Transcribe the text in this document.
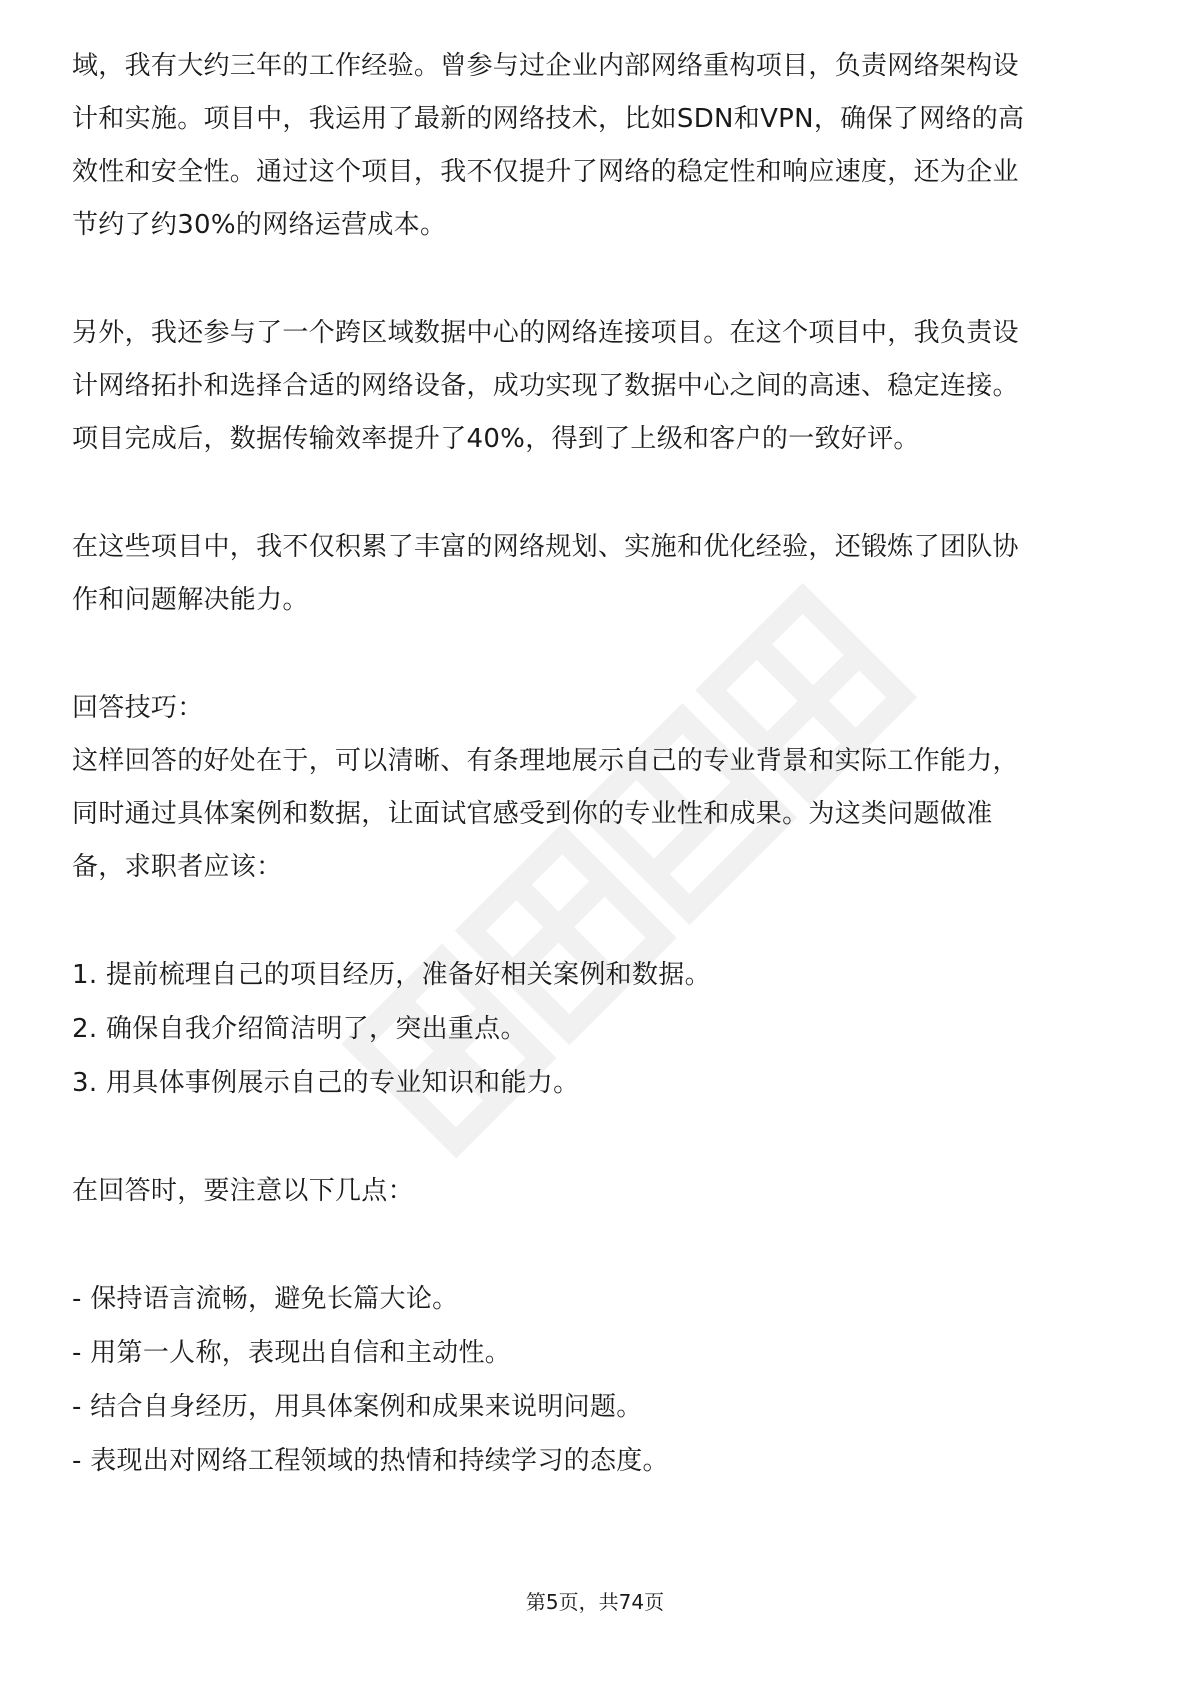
域，我有大约三年的工作经验。曾参与过企业内部网络重构项目，负责网络架构设
计和实施。项目中，我运用了最新的网络技术，比如SDN和VPN，确保了网络的高
效性和安全性。通过这个项目，我不仅提升了网络的稳定性和响应速度，还为企业
节约了约30%的网络运营成本。
另外，我还参与了一个跨区域数据中心的网络连接项目。在这个项目中，我负责设
计网络拓扑和选择合适的网络设备，成功实现了数据中心之间的高速、稳定连接。
项目完成后，数据传输效率提升了40%，得到了上级和客户的一致好评。
在这些项目中，我不仅积累了丰富的网络规划、实施和优化经验，还锻炼了团队协
作和问题解决能力。
回答技巧：
这样回答的好处在于，可以清晰、有条理地展示自己的专业背景和实际工作能力，
同时通过具体案例和数据，让面试官感受到你的专业性和成果。为这类问题做准
备，求职者应该：
1. 提前梳理自己的项目经历，准备好相关案例和数据。
2. 确保自我介绍简洁明了，突出重点。
3. 用具体事例展示自己的专业知识和能力。
在回答时，要注意以下几点：
- 保持语言流畅，避免长篇大论。
- 用第一人称，表现出自信和主动性。
- 结合自身经历，用具体案例和成果来说明问题。
- 表现出对网络工程领域的热情和持续学习的态度。
第5页，共74页
